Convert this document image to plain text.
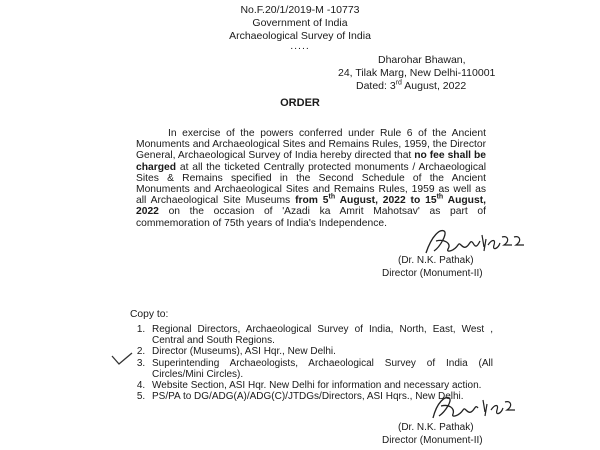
No.F.20/1/2019-M -10773
Government of India
Archaeological Survey of India
.....
Dharohar Bhawan,
24, Tilak Marg, New Delhi-110001
Dated: 3rd August, 2022
ORDER
In exercise of the powers conferred under Rule 6 of the Ancient Monuments and Archaeological Sites and Remains Rules, 1959, the Director General, Archaeological Survey of India hereby directed that no fee shall be charged at all the ticketed Centrally protected monuments / Archaeological Sites & Remains specified in the Second Schedule of the Ancient Monuments and Archaeological Sites and Remains Rules, 1959 as well as all Archaeological Site Museums from 5th August, 2022 to 15th August, 2022 on the occasion of 'Azadi ka Amrit Mahotsav' as part of commemoration of 75th years of India's Independence.
(Dr. N.K. Pathak)
Director (Monument-II)
Copy to:
1. Regional Directors, Archaeological Survey of India, North, East, West , Central and South Regions.
2. Director (Museums), ASI Hqr., New Delhi.
3. Superintending Archaeologists, Archaeological Survey of India (All Circles/Mini Circles).
4. Website Section, ASI Hqr. New Delhi for information and necessary action.
5. PS/PA to DG/ADG(A)/ADG(C)/JTDGs/Directors, ASI Hqrs., New Delhi.
(Dr. N.K. Pathak)
Director (Monument-II)
